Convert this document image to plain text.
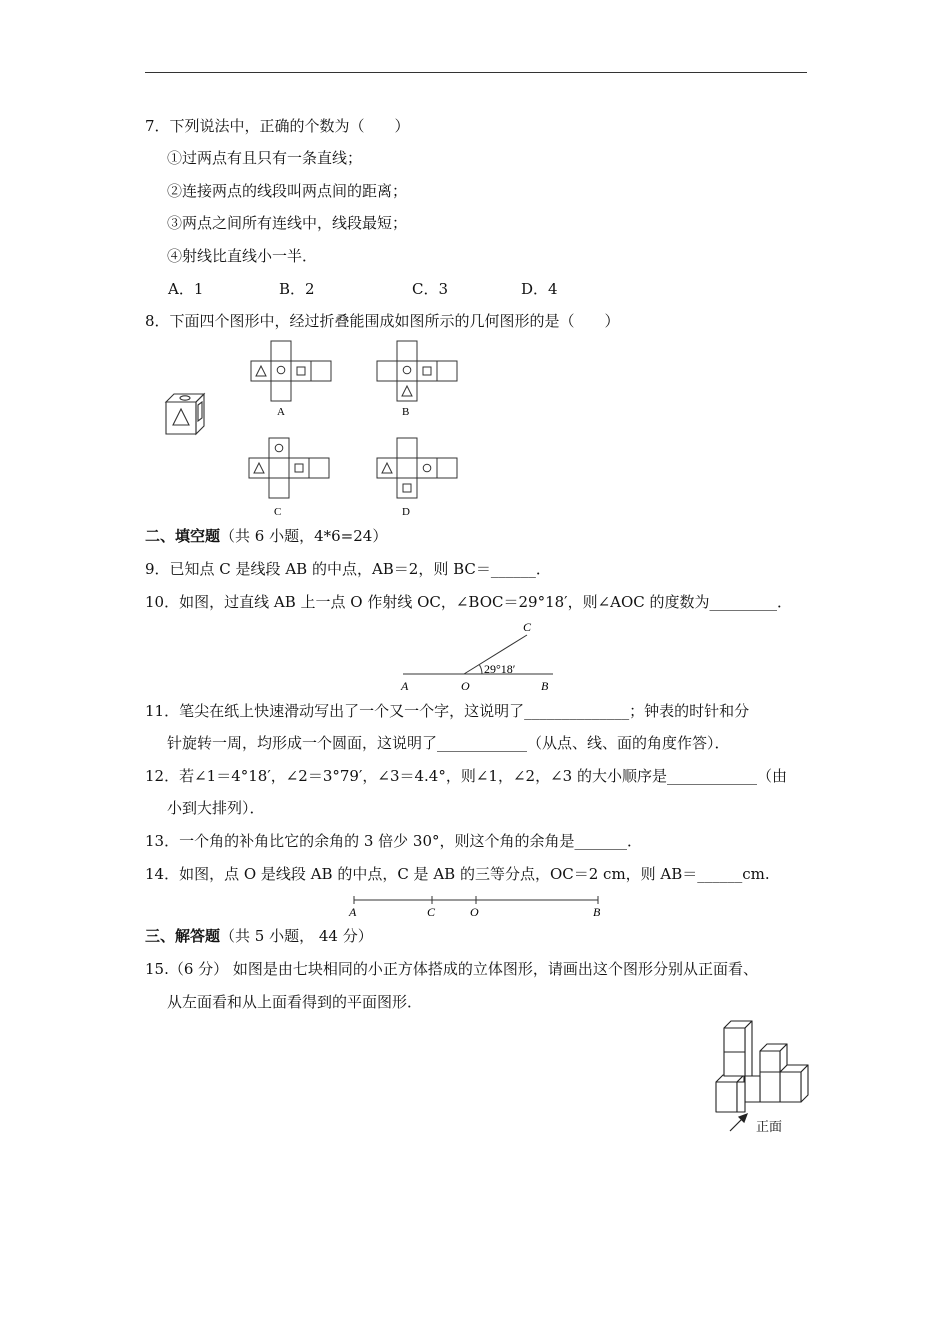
7．下列说法中，正确的个数为（　　）
①过两点有且只有一条直线；
②连接两点的线段叫两点间的距离；
③两点之间所有连线中，线段最短；
④射线比直线小一半．
A．1	B．2	C．3	D．4
8．下面四个图形中，经过折叠能围成如图所示的几何图形的是（　　）
A	B
C	D
二、填空题（共 6 小题，4*6=24）
9．已知点 C 是线段 AB 的中点，AB＝2，则 BC＝______．
10．如图，过直线 AB 上一点 O 作射线 OC，∠BOC＝29°18′，则∠AOC 的度数为_________．
A	O	B
C
29°18′
11．笔尖在纸上快速滑动写出了一个又一个字，这说明了______________；钟表的时针和分
针旋转一周，均形成一个圆面，这说明了____________（从点、线、面的角度作答）．
12．若∠1＝4°18′，∠2＝3°79′，∠3＝4.4°，则∠1，∠2，∠3 的大小顺序是____________（由
小到大排列）．
13．一个角的补角比它的余角的 3 倍少 30°，则这个角的余角是_______．
14．如图，点 O 是线段 AB 的中点，C 是 AB 的三等分点，OC＝2 cm，则 AB＝______cm.
A	C	O	B
三、解答题（共 5 小题， 44 分）
15.（6 分） 如图是由七块相同的小正方体搭成的立体图形，请画出这个图形分别从正面看、
从左面看和从上面看得到的平面图形．
正面
